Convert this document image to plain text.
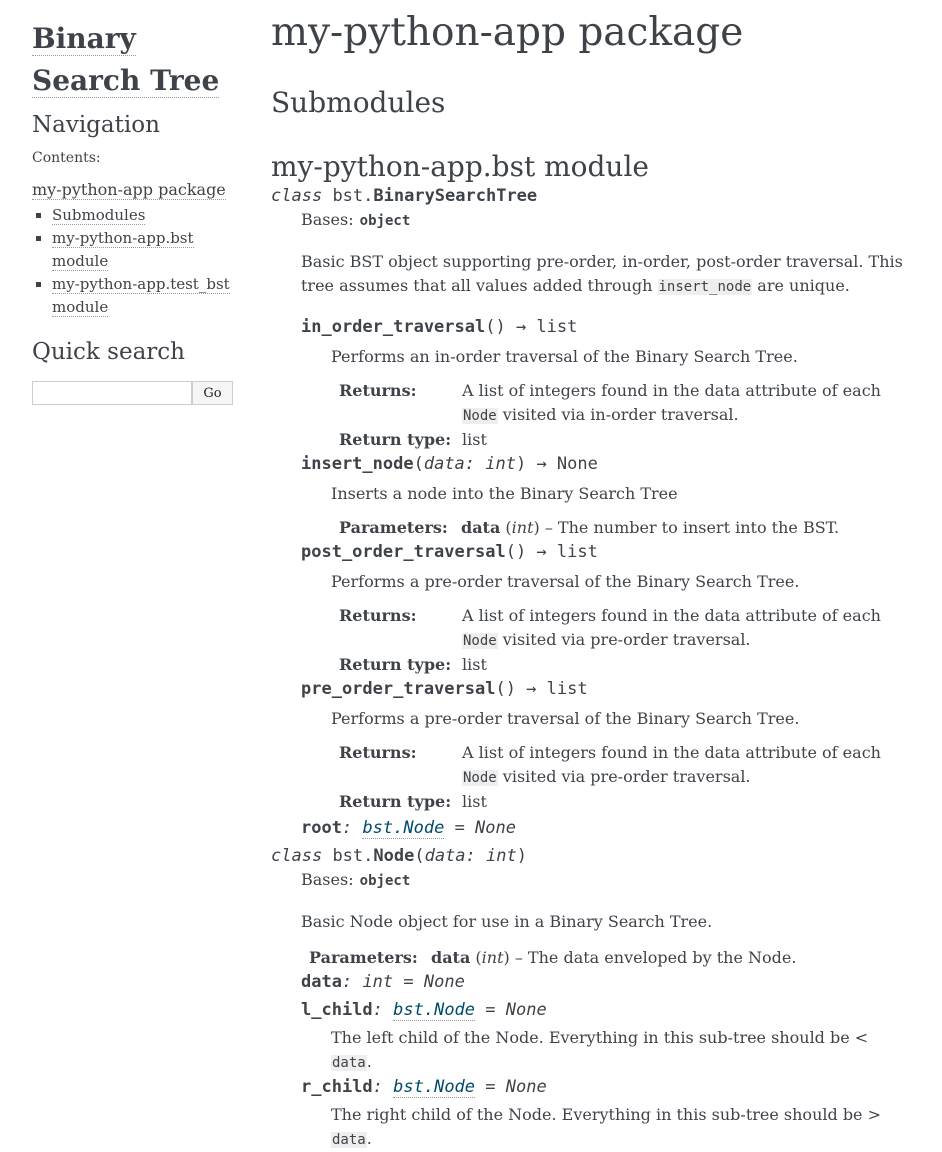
Binary
Search Tree
Navigation
Contents:
my-python-app package
▪ Submodules
▪ my-python-app.bst module
▪ my-python-app.test_bst module
Quick search
Go
my-python-app package
Submodules
my-python-app.bst module
class bst.BinarySearchTree

Bases: object

Basic BST object supporting pre-order, in-order, post-order traversal. This tree assumes that all values added through insert_node are unique.

in_order_traversal() → list
Performs an in-order traversal of the Binary Search Tree.
Returns:	A list of integers found in the data attribute of each Node visited via in-order traversal.
Return type: list
insert_node(data: int) → None
Inserts a node into the Binary Search Tree
Parameters: data (int) – The number to insert into the BST.
post_order_traversal() → list
Performs a pre-order traversal of the Binary Search Tree.
Returns:	A list of integers found in the data attribute of each Node visited via pre-order traversal.
Return type: list
pre_order_traversal() → list
Performs a pre-order traversal of the Binary Search Tree.
Returns:	A list of integers found in the data attribute of each Node visited via pre-order traversal.
Return type: list
root: bst.Node = None
class bst.Node(data: int)

Bases: object

Basic Node object for use in a Binary Search Tree.

Parameters: data (int) – The data enveloped by the Node.
data: int = None
l_child: bst.Node = None

The left child of the Node. Everything in this sub-tree should be < data.

r_child: bst.Node = None

The right child of the Node. Everything in this sub-tree should be > data.
